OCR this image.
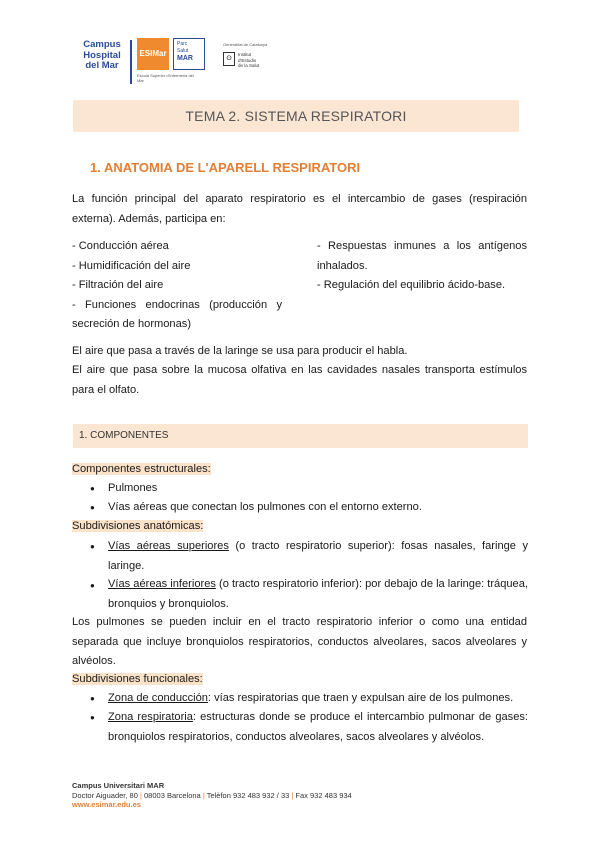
Campus
Hospital
del Mar
ESIMar
Escola Superior d'Infermeria del Mar
Parc
Salut
MAR
Generalitat de Catalunya
ⵙ
Institut
d'Estudis
de la Salut
TEMA 2. SISTEMA RESPIRATORI
1. ANATOMIA DE L'APARELL RESPIRATORI
La función principal del aparato respiratorio es el intercambio de gases (respiración externa). Además, participa en:
- Conducción aérea
- Humidificación del aire
- Filtración del aire
- Funciones endocrinas (producción y secreción de hormonas)
- Respuestas inmunes a los antígenos inhalados.
- Regulación del equilibrio ácido-base.
El aire que pasa a través de la laringe se usa para producir el habla.
El aire que pasa sobre la mucosa olfativa en las cavidades nasales transporta estímulos para el olfato.
1. COMPONENTES
Componentes estructurales:
Pulmones
●
Vías aéreas que conectan los pulmones con el entorno externo.
●
Subdivisiones anatómicas:
● Vías aéreas superiores (o tracto respiratorio superior): fosas nasales, faringe y laringe.
● Vías aéreas inferiores (o tracto respiratorio inferior): por debajo de la laringe: tráquea, bronquios y bronquiolos.
Los pulmones se pueden incluir en el tracto respiratorio inferior o como una entidad separada que incluye bronquiolos respiratorios, conductos alveolares, sacos alveolares y alvéolos.
Subdivisiones funcionales:
● Zona de conducción: vías respiratorias que traen y expulsan aire de los pulmones.
● Zona respiratoria: estructuras donde se produce el intercambio pulmonar de gases: bronquiolos respiratorios, conductos alveolares, sacos alveolares y alvéolos.
Campus Universitari MAR
Doctor Aiguader, 80 | 08003 Barcelona | Telèfon 932 483 932 / 33 | Fax 932 483 934
www.esimar.edu.es
